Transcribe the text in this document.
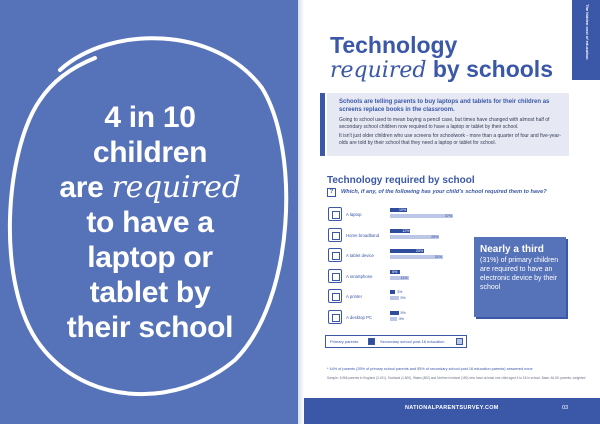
4 in 10
children
are required
to have a
laptop or
tablet by
their school
The hidden cost of education
Technology
required by schools
Schools are telling parents to buy laptops and tablets for their children as screens replace books in the classroom.
Going to school used to mean buying a pencil case, but times have changed with almost half of secondary school children now required to have a laptop or tablet by their school.
It isn't just older children who use screens for schoolwork - more than a quarter of four and five-year-olds are told by their school that they need a laptop or tablet for school.
Technology required by school
?	Which, if any, of the following has your child's school required them to have?
A laptop
10%
37%
Home broadband
12%
29%
A tablet device
20%
31%
A smartphone
6%
11%
A printer
3%
5%
A desktop PC
5%
4%
Nearly a third
(31%) of primary children are required to have an electronic device by their school
Primary parents	Secondary school post 16 education
* 44% of parents (35% of primary school parents and 55% of secondary school post 16 education parents) answered none
Sample: 5,966 parents in England (3,191), Scotland (1,800), Wales (800) and Northern Ireland (150) who have at least one child aged 4 to 18 in school. Base: All UK parents, weighted
NATIONALPARENTSURVEY.COM	03
